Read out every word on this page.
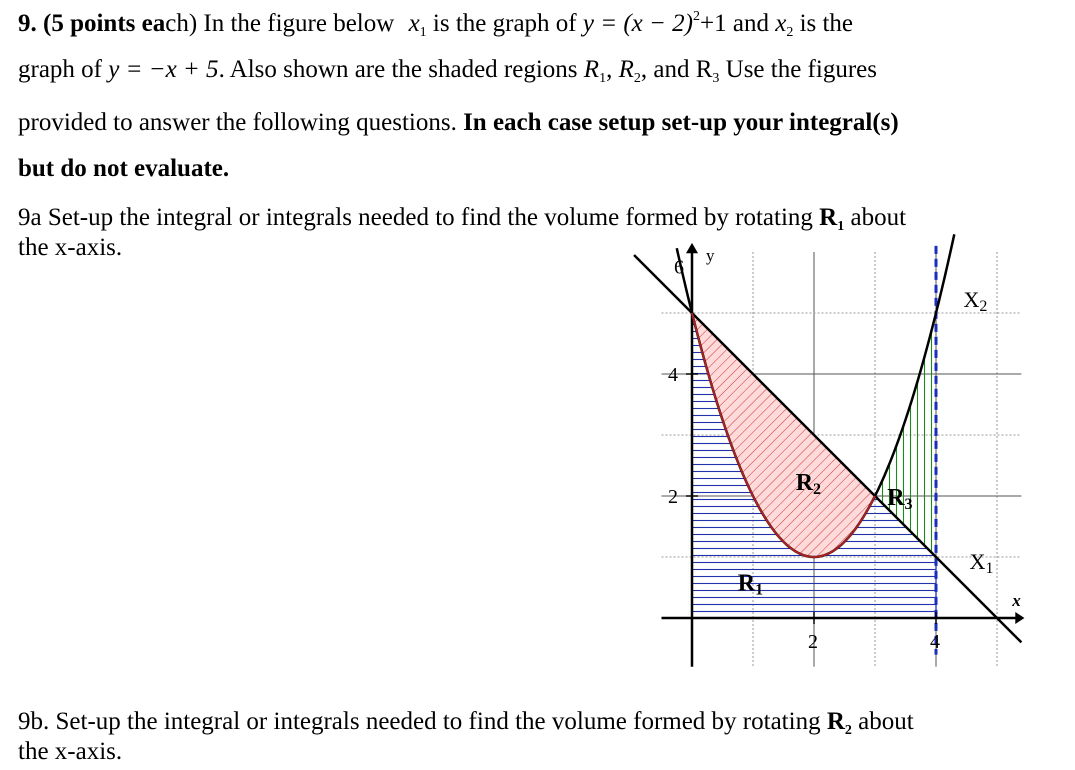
9. (5 points each) In the figure below $x_1$ is the graph of $y = (x - 2)^2+1$ and $x_2$ is the
graph of y = −x + 5. Also shown are the shaded regions $R_1$, $R_2$, and $R_3$ Use the figures
provided to answer the following questions. In each case setup set-up your integral(s)
but do not evaluate.
9a Set-up the integral or integrals needed to find the volume formed by rotating $R_1$ about
the x-axis.	y
x
6
4
2
2	4
X2
X1
R1
R2	R3
9b. Set-up the integral or integrals needed to find the volume formed by rotating $R_2$ about
the x-axis.
